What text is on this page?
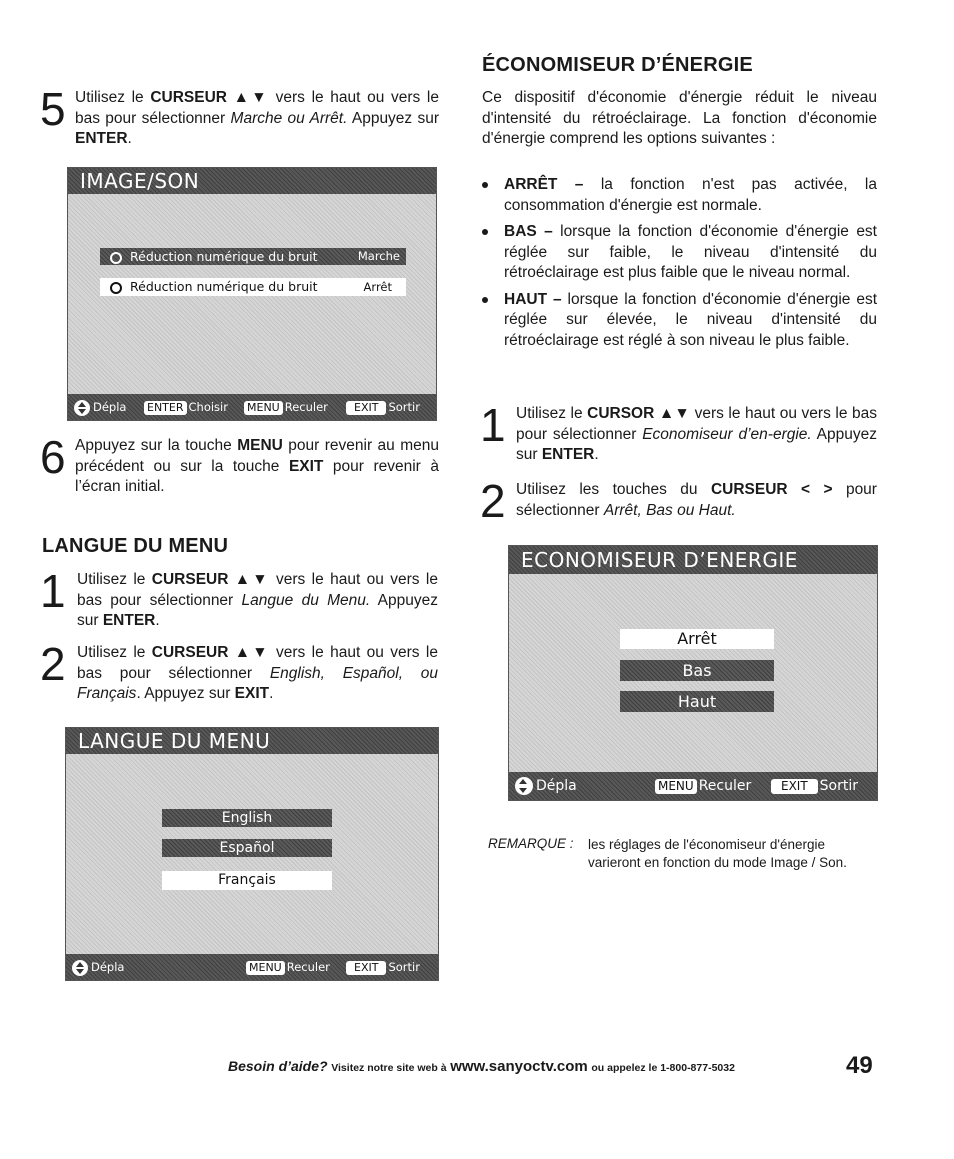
5 Utilisez le CURSEUR ▲▼ vers le haut ou vers le bas pour sélectionner Marche ou Arrêt. Appuyez sur ENTER.
IMAGE/SON
Réduction numérique du bruit	Marche
Réduction numérique du bruit	Arrêt
Dépla	ENTER Choisir	MENU Reculer	EXIT Sortir
6 Appuyez sur la touche MENU pour revenir au menu précédent ou sur la touche EXIT pour revenir à l’écran initial.
LANGUE DU MENU
1 Utilisez le CURSEUR ▲▼ vers le haut ou vers le bas pour sélectionner Langue du Menu. Appuyez sur ENTER.
2 Utilisez le CURSEUR ▲▼ vers le haut ou vers le bas pour sélectionner English, Español, ou Français. Appuyez sur EXIT.
LANGUE DU MENU
English
Español
Français
Dépla	MENU Reculer	EXIT Sortir
ÉCONOMISEUR D’ÉNERGIE
Ce dispositif d'économie d'énergie réduit le niveau d'intensité du rétroéclairage. La fonction d'économie d'énergie comprend les options suivantes :
ARRÊT – la fonction n'est pas activée, la consommation d'énergie est normale.
BAS – lorsque la fonction d'économie d'énergie est réglée sur faible, le niveau d'intensité du rétroéclairage est plus faible que le niveau normal.
HAUT – lorsque la fonction d'économie d'énergie est réglée sur élevée, le niveau d'intensité du rétroéclairage est réglé à son niveau le plus faible.
1 Utilisez le CURSOR ▲▼ vers le haut ou vers le bas pour sélectionner Economiseur d’en-ergie. Appuyez sur ENTER.
2 Utilisez les touches du CURSEUR < > pour sélectionner Arrêt, Bas ou Haut.
ECONOMISEUR D’ENERGIE
Arrêt
Bas
Haut
Dépla	MENU Reculer	EXIT Sortir
REMARQUE : les réglages de l'économiseur d'énergie varieront en fonction du mode Image / Son.
Besoin d’aide? Visitez notre site web à www.sanyoctv.com ou appelez le 1-800-877-5032	49
